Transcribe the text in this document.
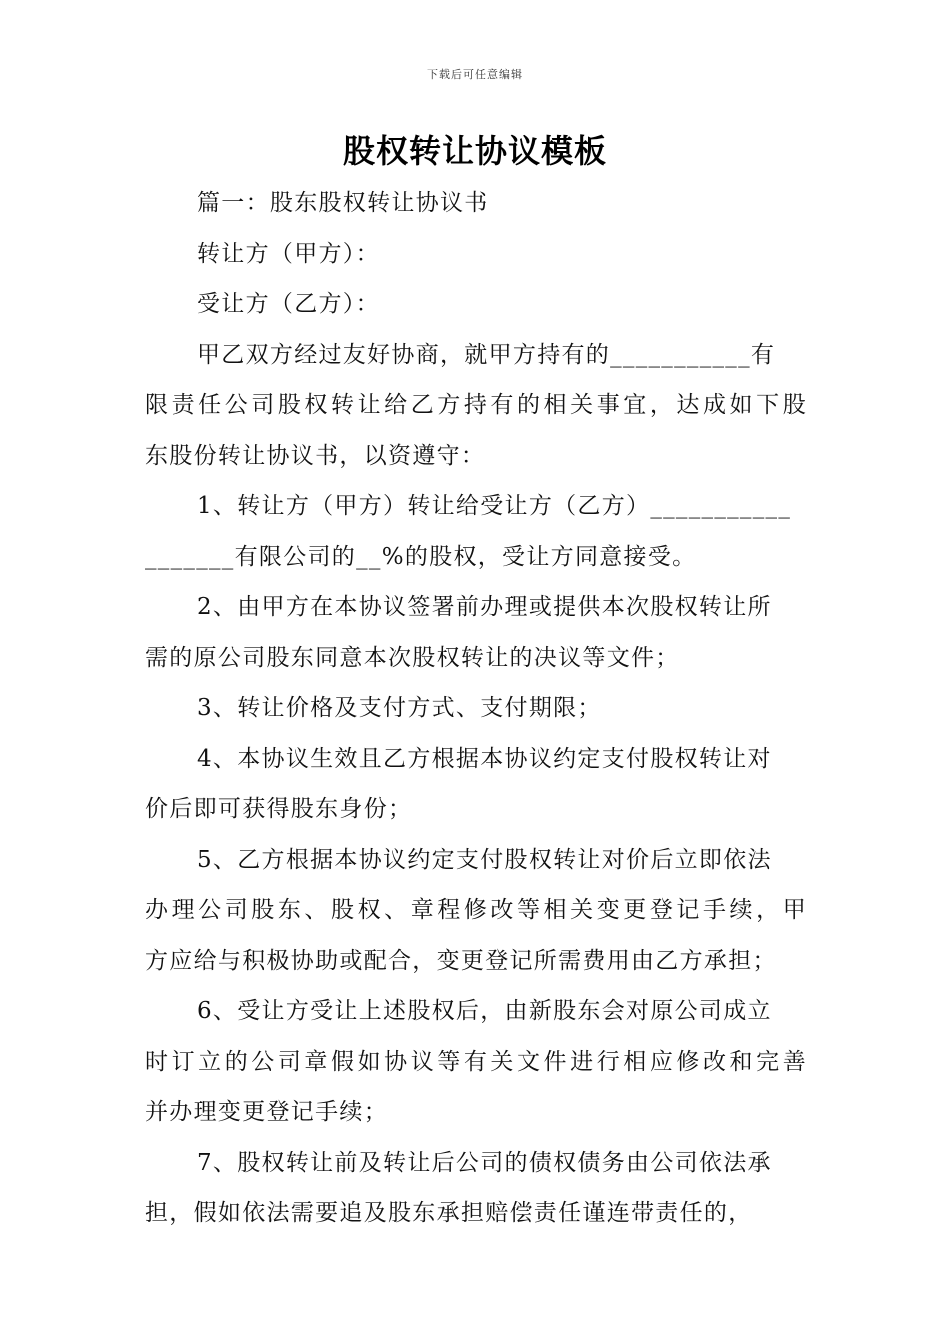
下载后可任意编辑
股权转让协议模板
篇一：股东股权转让协议书
转让方（甲方）：
受让方（乙方）：
甲乙双方经过友好协商，就甲方持有的___________有
限责任公司股权转让给乙方持有的相关事宜，达成如下股
东股份转让协议书，以资遵守：
1、转让方（甲方）转让给受让方（乙方）___________
_______有限公司的__%的股权，受让方同意接受。
2、由甲方在本协议签署前办理或提供本次股权转让所
需的原公司股东同意本次股权转让的决议等文件；
3、转让价格及支付方式、支付期限；
4、本协议生效且乙方根据本协议约定支付股权转让对
价后即可获得股东身份；
5、乙方根据本协议约定支付股权转让对价后立即依法
办理公司股东、股权、章程修改等相关变更登记手续，甲
方应给与积极协助或配合，变更登记所需费用由乙方承担；
6、受让方受让上述股权后，由新股东会对原公司成立
时订立的公司章假如协议等有关文件进行相应修改和完善
并办理变更登记手续；
7、股权转让前及转让后公司的债权债务由公司依法承
担，假如依法需要追及股东承担赔偿责任谨连带责任的，
